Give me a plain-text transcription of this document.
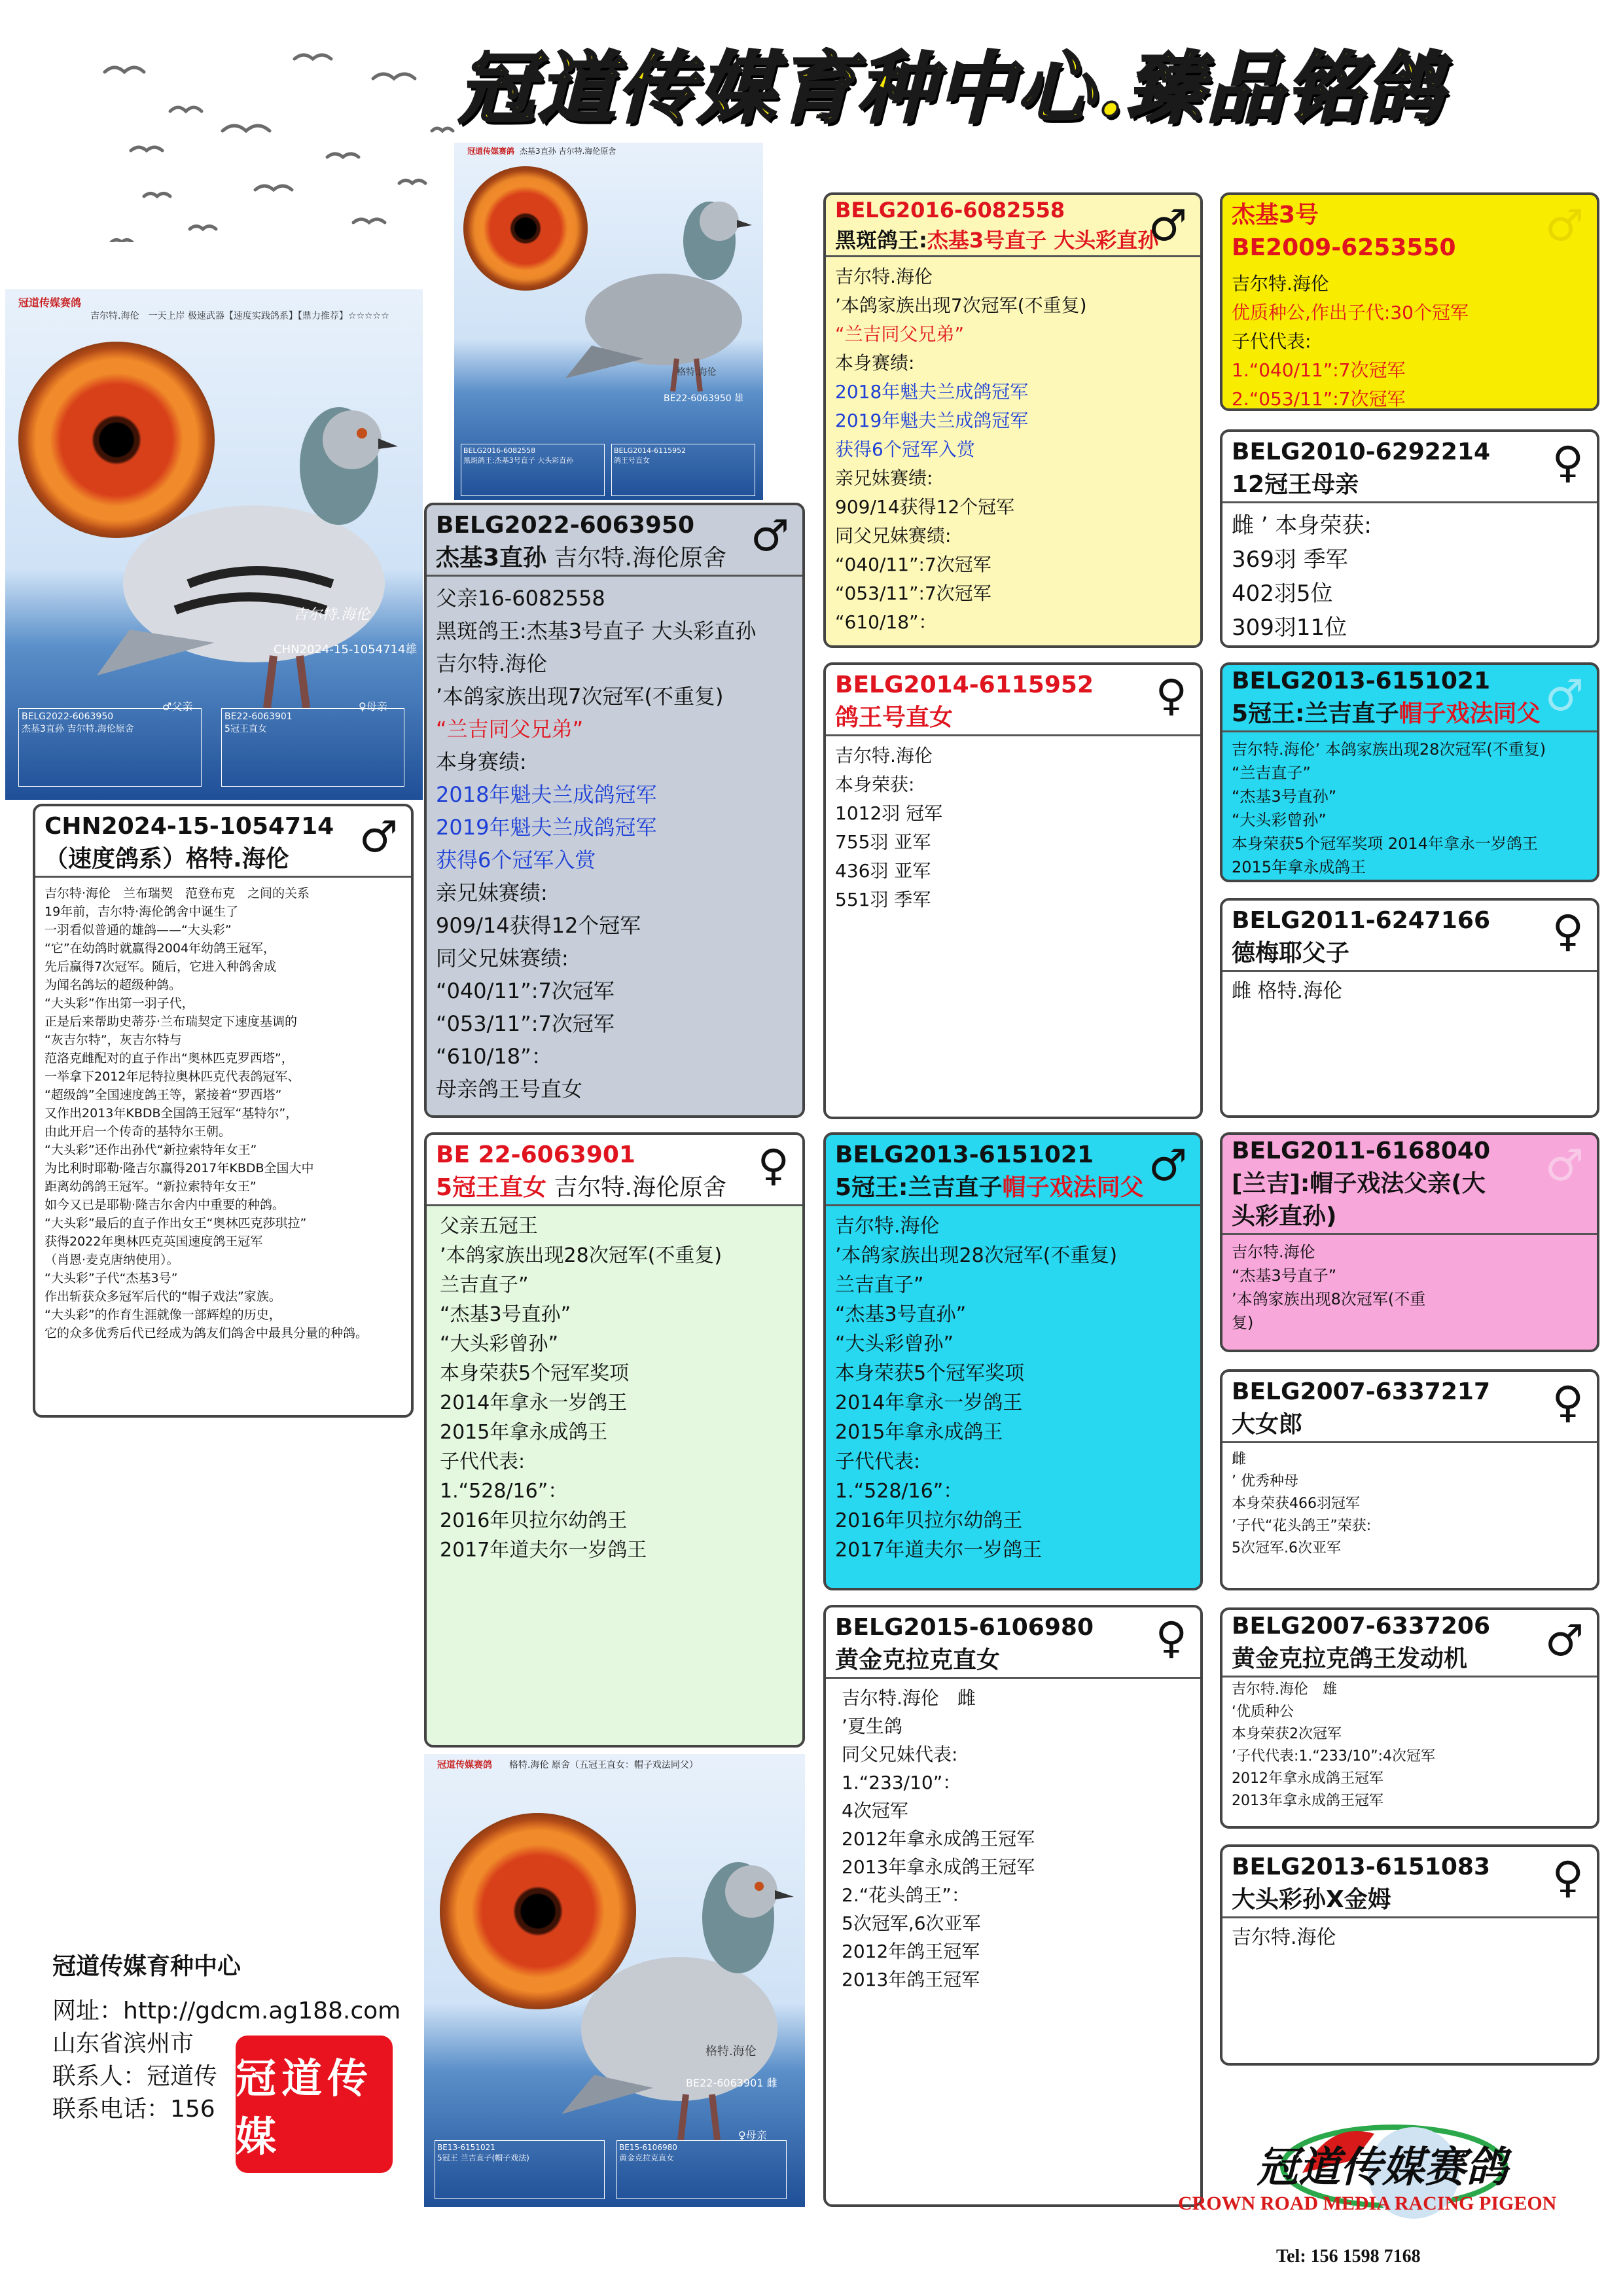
冠道传媒育种中心.臻品铭鸽
冠道传媒赛鸽
吉尔特.海伦　一天上岸 极速武器【速度实践鸽系】【鼎力推荐】☆☆☆☆☆
吉尔特.海伦
CHN2024-15-1054714雄
♂父亲	♀母亲
BELG2022-6063950
杰基3直孙 吉尔特.海伦原舍
BE22-6063901
5冠王直女
冠道传媒赛鸽 杰基3直孙 吉尔特.海伦原舍
格特.海伦
BE22-6063950 雄
BELG2016-6082558
黑斑鸽王:杰基3号直子 大头彩直孙
BELG2014-6115952
鸽王号直女
冠道传媒赛鸽 格特.海伦 原舍（五冠王直女：帽子戏法同父）
格特.海伦
BE22-6063901 雌
♀母亲
BE13-6151021
5冠王 兰吉直子(帽子戏法)
BE15-6106980
黄金克拉克直女
CHN2024-15-1054714
（速度鸽系）格特.海伦	♂
吉尔特·海伦　兰布瑞契　范登布克　之间的关系
19年前，吉尔特·海伦鸽舍中诞生了
一羽看似普通的雄鸽——“大头彩”
“它”在幼鸽时就赢得2004年幼鸽王冠军，
先后赢得7次冠军。随后，它进入种鸽舍成
为闻名鸽坛的超级种鸽。
“大头彩”作出第一羽子代，
正是后来帮助史蒂芬·兰布瑞契定下速度基调的
“灰吉尔特”，灰吉尔特与
范洛克雌配对的直子作出“奥林匹克罗西塔”，
一举拿下2012年尼特拉奥林匹克代表鸽冠军、
“超级鸽”全国速度鸽王等，紧接着“罗西塔”
又作出2013年KBDB全国鸽王冠军“基特尔”，
由此开启一个传奇的基特尔王朝。
“大头彩”还作出孙代“新拉索特年女王”
为比利时耶勒·隆吉尔赢得2017年KBDB全国大中
距离幼鸽鸽王冠军。“新拉索特年女王”
如今又已是耶勒·隆吉尔舍内中重要的种鸽。
“大头彩”最后的直子作出女王“奥林匹克莎琪拉”
获得2022年奥林匹克英国速度鸽王冠军
（肖恩·麦克唐纳使用）。
“大头彩”子代“杰基3号”
作出斩获众多冠军后代的“帽子戏法”家族。
“大头彩”的作育生涯就像一部辉煌的历史，
它的众多优秀后代已经成为鸽友们鸽舍中最具分量的种鸽。
BELG2022-6063950
杰基3直孙 吉尔特.海伦原舍 ♂
父亲16-6082558
黑斑鸽王:杰基3号直子 大头彩直孙
吉尔特.海伦
’本鸽家族出现7次冠军(不重复)
“兰吉同父兄弟”
本身赛绩:
2018年魁夫兰成鸽冠军
2019年魁夫兰成鸽冠军
获得6个冠军入赏
亲兄妹赛绩:
909/14获得12个冠军
同父兄妹赛绩:
“040/11”:7次冠军
“053/11”:7次冠军
“610/18”：
母亲鸽王号直女
BE 22-6063901
5冠王直女 吉尔特.海伦原舍 ♀
父亲五冠王
’本鸽家族出现28次冠军(不重复)
兰吉直子”
“杰基3号直孙”
“大头彩曾孙”
本身荣获5个冠军奖项
2014年拿永一岁鸽王
2015年拿永成鸽王
子代代表:
1.“528/16”：
2016年贝拉尔幼鸽王
2017年道夫尔一岁鸽王
BELG2016-6082558
黑斑鸽王:杰基3号直子 大头彩直孙
♂
吉尔特.海伦
’本鸽家族出现7次冠军(不重复)
“兰吉同父兄弟”
本身赛绩:
2018年魁夫兰成鸽冠军
2019年魁夫兰成鸽冠军
获得6个冠军入赏
亲兄妹赛绩:
909/14获得12个冠军
同父兄妹赛绩:
“040/11”:7次冠军
“053/11”:7次冠军
“610/18”：
BELG2014-6115952
鸽王号直女	♀
吉尔特.海伦
本身荣获:
1012羽 冠军
755羽 亚军
436羽 亚军
551羽 季军
BELG2013-6151021
5冠王:兰吉直子帽子戏法同父 ♂
吉尔特.海伦
’本鸽家族出现28次冠军(不重复)
兰吉直子”
“杰基3号直孙”
“大头彩曾孙”
本身荣获5个冠军奖项
2014年拿永一岁鸽王
2015年拿永成鸽王
子代代表:
1.“528/16”：
2016年贝拉尔幼鸽王
2017年道夫尔一岁鸽王
BELG2015-6106980
黄金克拉克直女	♀
吉尔特.海伦　雌
’夏生鸽
同父兄妹代表:
1.“233/10”：
4次冠军
2012年拿永成鸽王冠军
2013年拿永成鸽王冠军
2.“花头鸽王”：
5次冠军,6次亚军
2012年鸽王冠军
2013年鸽王冠军
杰基3号
BE2009-6253550	♂
吉尔特.海伦
优质种公,作出子代:30个冠军
子代代表:
1.“040/11”:7次冠军
2.“053/11”:7次冠军
BELG2010-6292214
12冠王母亲	♀
雌 ’ 本身荣获:
369羽 季军
402羽5位
309羽11位
BELG2013-6151021
5冠王:兰吉直子帽子戏法同父 ♂
吉尔特.海伦’ 本鸽家族出现28次冠军(不重复)
“兰吉直子”
“杰基3号直孙”
“大头彩曾孙”
本身荣获5个冠军奖项 2014年拿永一岁鸽王
2015年拿永成鸽王
BELG2011-6247166
德梅耶父子	♀
雌 格特.海伦
BELG2011-6168040
[兰吉]:帽子戏法父亲(大
头彩直孙)
♂
吉尔特.海伦
“杰基3号直子”
’本鸽家族出现8次冠军(不重
复)
BELG2007-6337217
大女郎	♀
雌
’ 优秀种母
本身荣获466羽冠军
’子代“花头鸽王”荣获:
5次冠军.6次亚军
BELG2007-6337206
黄金克拉克鸽王发动机	♂
吉尔特.海伦　雄
‘优质种公
本身荣获2次冠军
’子代代表:1.“233/10”:4次冠军
2012年拿永成鸽王冠军
2013年拿永成鸽王冠军
BELG2013-6151083
大头彩孙X金姆	♀
吉尔特.海伦
冠道传媒育种中心
网址：http://gdcm.ag188.com
山东省滨州市
联系人：冠道传
联系电话：156
冠道传媒
冠道传媒赛鸽
CROWN ROAD MEDIA RACING PIGEON
Tel: 156 1598 7168
